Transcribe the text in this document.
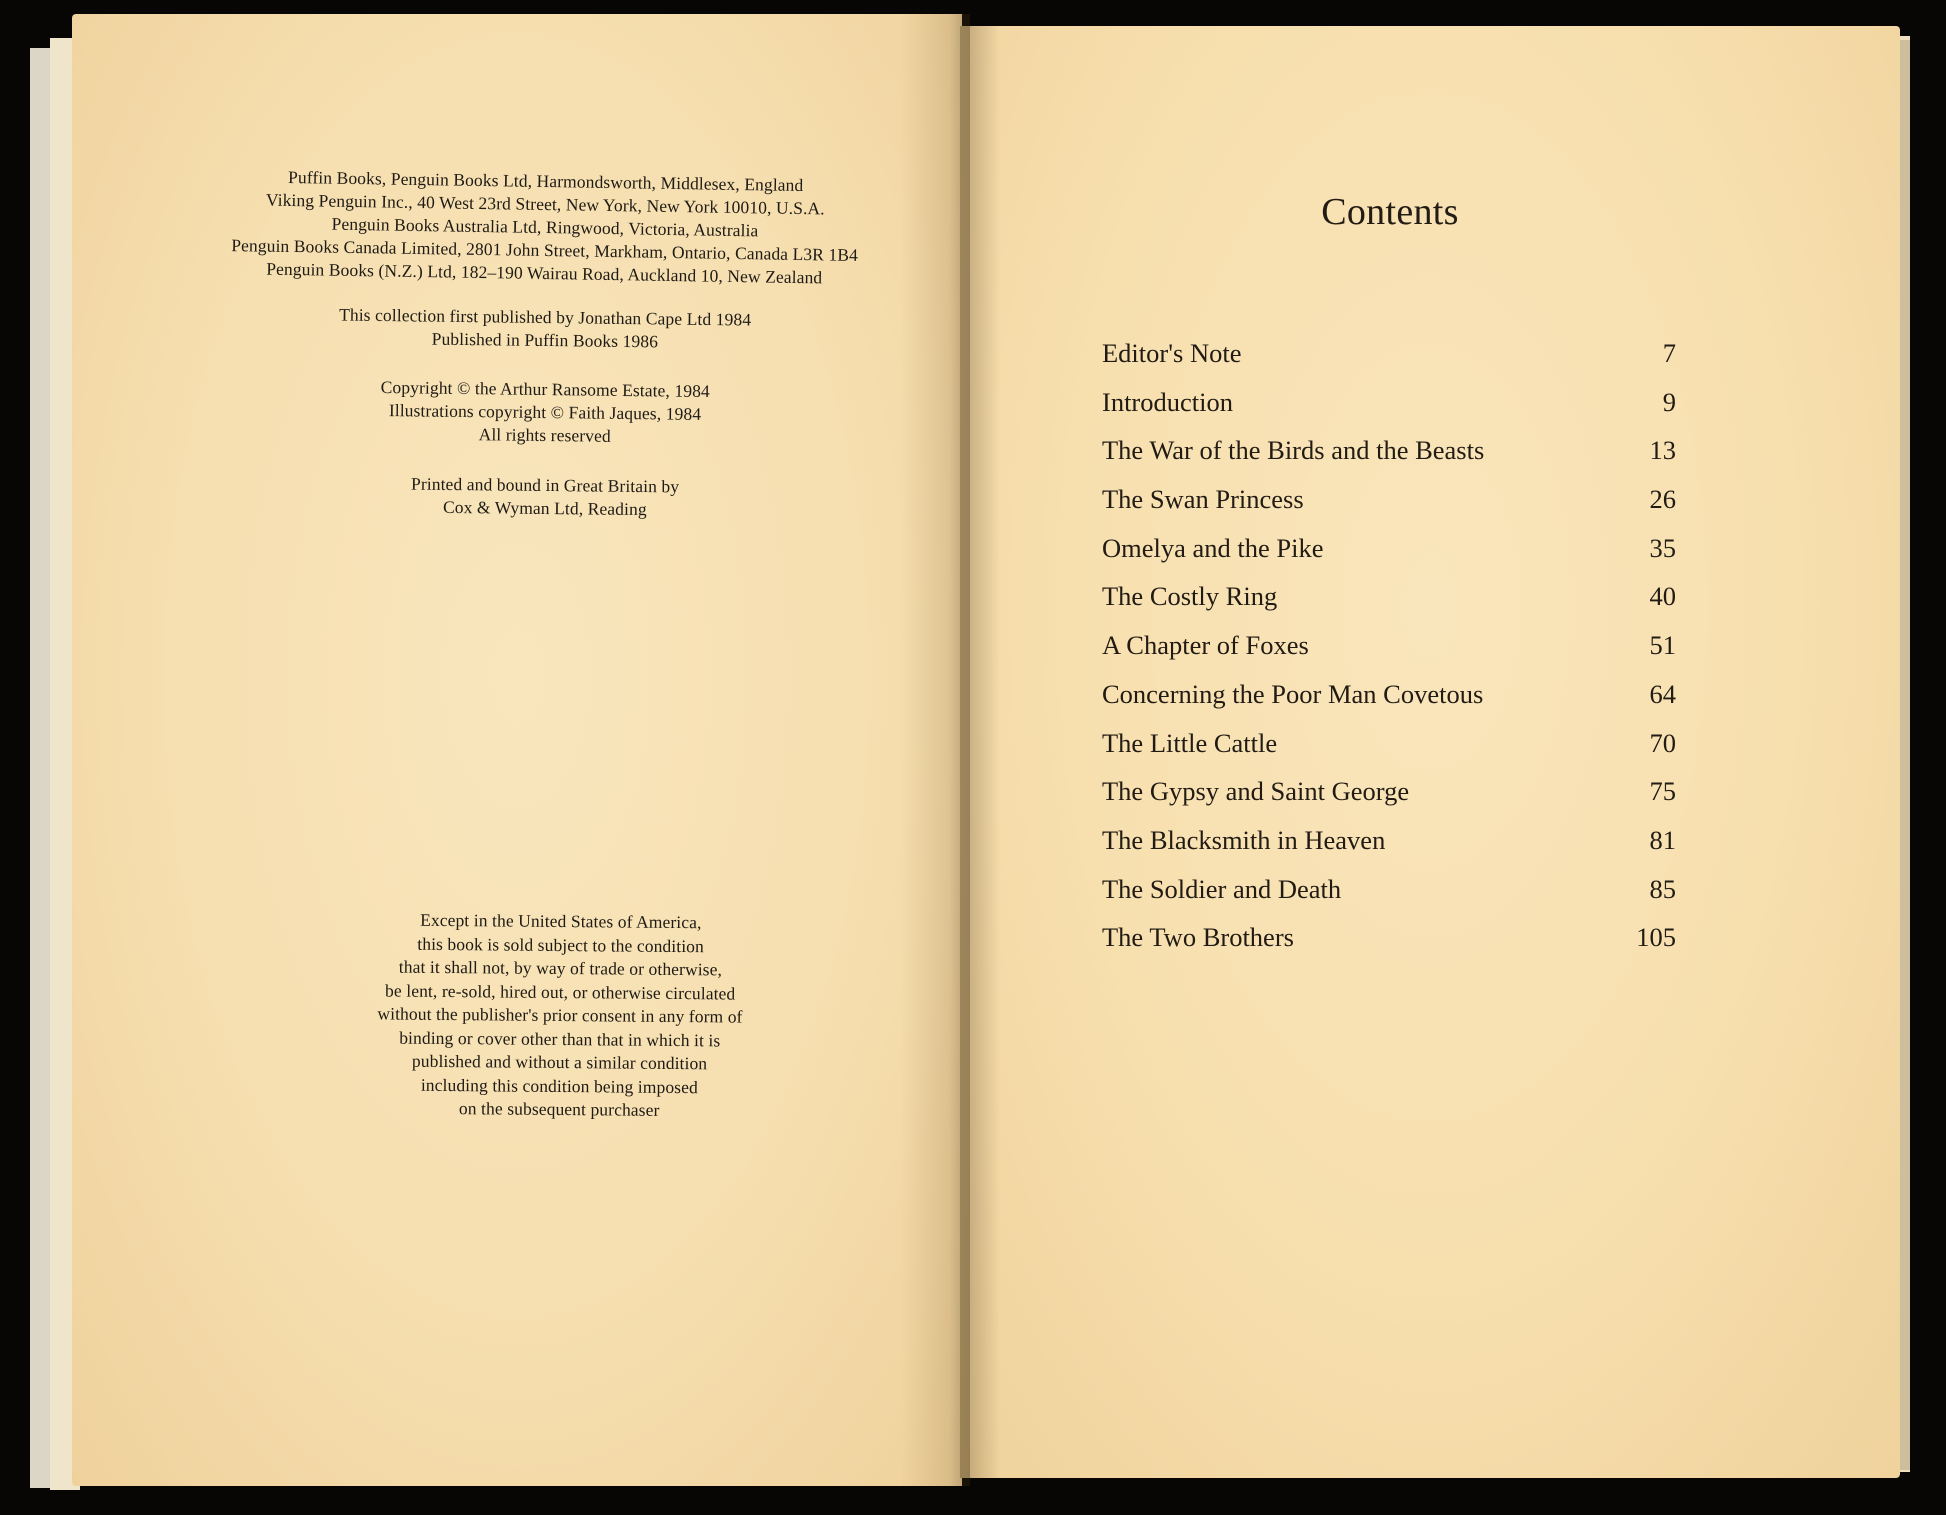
Puffin Books, Penguin Books Ltd, Harmondsworth, Middlesex, England
Viking Penguin Inc., 40 West 23rd Street, New York, New York 10010, U.S.A.
Penguin Books Australia Ltd, Ringwood, Victoria, Australia
Penguin Books Canada Limited, 2801 John Street, Markham, Ontario, Canada L3R 1B4
Penguin Books (N.Z.) Ltd, 182–190 Wairau Road, Auckland 10, New Zealand
This collection first published by Jonathan Cape Ltd 1984
Published in Puffin Books 1986
Copyright © the Arthur Ransome Estate, 1984
Illustrations copyright © Faith Jaques, 1984
All rights reserved
Printed and bound in Great Britain by
Cox & Wyman Ltd, Reading
Except in the United States of America,
this book is sold subject to the condition
that it shall not, by way of trade or otherwise,
be lent, re-sold, hired out, or otherwise circulated
without the publisher's prior consent in any form of
binding or cover other than that in which it is
published and without a similar condition
including this condition being imposed
on the subsequent purchaser
Contents
Editor's Note	7
Introduction	9
The War of the Birds and the Beasts	13
The Swan Princess	26
Omelya and the Pike	35
The Costly Ring	40
A Chapter of Foxes	51
Concerning the Poor Man Covetous	64
The Little Cattle	70
The Gypsy and Saint George	75
The Blacksmith in Heaven	81
The Soldier and Death	85
The Two Brothers	105
